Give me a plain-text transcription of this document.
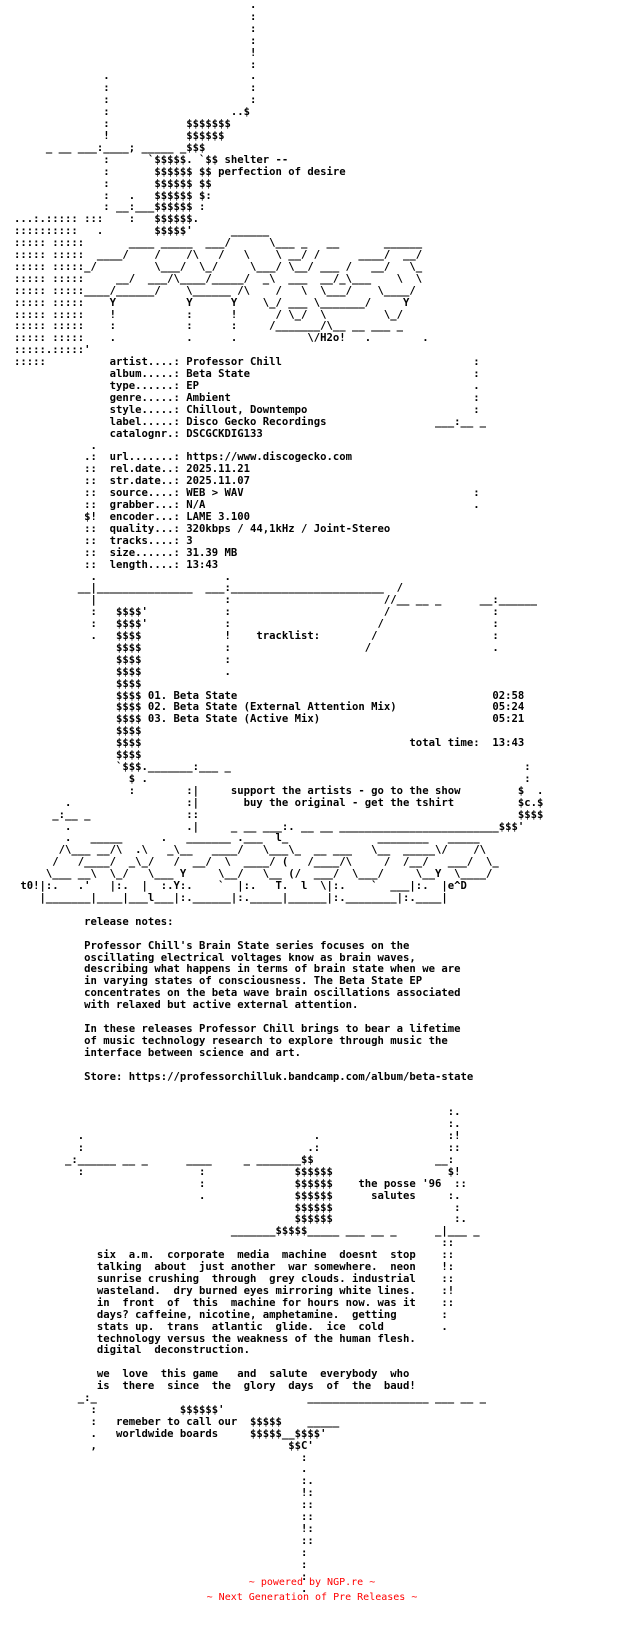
.
:
:
:
!
:
.                      .
:                      :
:                      :
:                   ..$
:            $$$$$$$
!            $$$$$$
_ __ ___:____; _____ _$$$
:      `$$$$$. `$$ shelter --
:       $$$$$$ $$ perfection of desire
:       $$$$$$ $$
:   .   $$$$$$ $:
: __:___$$$$$$ :
...:.::::: :::    :   $$$$$$.
::::::::::   .        $$$$$'      ______
::::: :::::       ____ _____  ___/      \___ _   __       ______
::::: :::::  ____/    /    /\   /   \    \ __/ /      ____/  __/
::::: :::::_/         \___/  \_/     \___/ \__/ ___ /   __/   \_
::::: :::::     __/  ___/\____/_____/  _\  ___  __/_\___    \  \
::::: :::::____/______/    \______ /\    /   \  \___/    \____/
::::: :::::    Y           Y      Y    \_/ ___ \_______/     Y
::::: :::::    !           :      !      / \_/  \         \_/
::::: :::::    :           :      :     /_______/\__ __ ___ _
::::: :::::    .           .      .           \/H2o!   .        .
:::::.:::::'
:::::          artist....: Professor Chill                              :
album.....: Beta State                                   :
type......: EP                                           .
genre.....: Ambient                                      :
style.....: Chillout, Downtempo                          :
label.....: Disco Gecko Recordings                 ___:__ _
catalognr.: DSCGCKDIG133
.
.:  url.......: https://www.discogecko.com
::  rel.date..: 2025.11.21
::  str.date..: 2025.11.07
::  source....: WEB > WAV                                    :
::  grabber...: N/A                                          .
$!  encoder...: LAME 3.100
::  quality...: 320kbps / 44,1kHz / Joint-Stereo
::  tracks....: 3
::  size......: 31.39 MB
::  length....: 13:43
.                    .
__|_______________  ___:________________________  /
|                    :                        //__ __ _      __:______
:   $$$$'            :                        /                :
:   $$$$'            :                       /                 :
.   $$$$             !    tracklist:        /                  :
$$$$             :                     /                   .
$$$$             :
$$$$             .
$$$$
$$$$ 01. Beta State                                        02:58
$$$$ 02. Beta State (External Attention Mix)               05:24
$$$$ 03. Beta State (Active Mix)                           05:21
$$$$
$$$$                                          total time:  13:43
$$$$
`$$$._______:___ _                                              :
$ .                                                           :
:        :|     support the artists - go to the show         $  .
.                  :|       buy the original - get the tshirt          $c.$
_:__ _               ::                                                  $$$$
.                  .|     _ __ ___:. __ __ _________________________$$$'
.   _____      .   _______ .___  l_              ________   _____
/\___ __/\  .\   _\__   ____/   \___\_  __ ___   \__  _____\/    /\
/   /____/  _\_/   /  __/  \  ____/ (   /____/\     /  /__/   ___/  \_
\___ __\  \_/   \___ Y     \__/   \__ (/  ___/  \___/     \__Y  \____/
t0!|:.   .'   |:.  |  :.Y:.    `  |:.   T.  l  \|:.    `  ___|:.  |e^D
|_______|____|___l___|:.______|:._____|______|:.________|:.____|

release notes:

Professor Chill's Brain State series focuses on the
oscillating electrical voltages know as brain waves,
describing what happens in terms of brain state when we are
in varying states of consciousness. The Beta State EP
concentrates on the beta wave brain oscillations associated
with relaxed but active external attention.

In these releases Professor Chill brings to bear a lifetime
of music technology research to explore through music the
interface between science and art.

Store: https://professorchilluk.bandcamp.com/album/beta-state

:.
:.
.                                    .                    :!
:                                   .:                    ::
_:______ __ _      ____     _ _______$$                   __:
:                  :              $$$$$$                  $!
:              $$$$$$    the posse '96  ::
.              $$$$$$      salutes     :.
$$$$$$                   :
$$$$$$                   :.
_______$$$$$_____ ___ __ _      _|___ _
::
six  a.m.  corporate  media  machine  doesnt  stop    ::
talking  about  just another  war somewhere.  neon    !:
sunrise crushing  through  grey clouds. industrial    ::
wasteland.  dry burned eyes mirroring white lines.    :!
in  front  of  this  machine for hours now. was it    ::
days? caffeine, nicotine, amphetamine.  getting       :
stats up.  trans  atlantic  glide.  ice  cold         .
technology versus the weakness of the human flesh.
digital  deconstruction.

we  love  this game   and  salute  everybody  who
is  there  since  the  glory  days  of  the  baud!
_:_                                 ___________________ ___ __ _
:             $$$$$$'
:   remeber to call our  $$$$$    _____
.   worldwide boards     $$$$$__$$$$'
,                              $$C'
:
.
:.
!:
::
::
!:
::
:
:
:
.
~ powered by NGP.re ~
~ Next Generation of Pre Releases ~
